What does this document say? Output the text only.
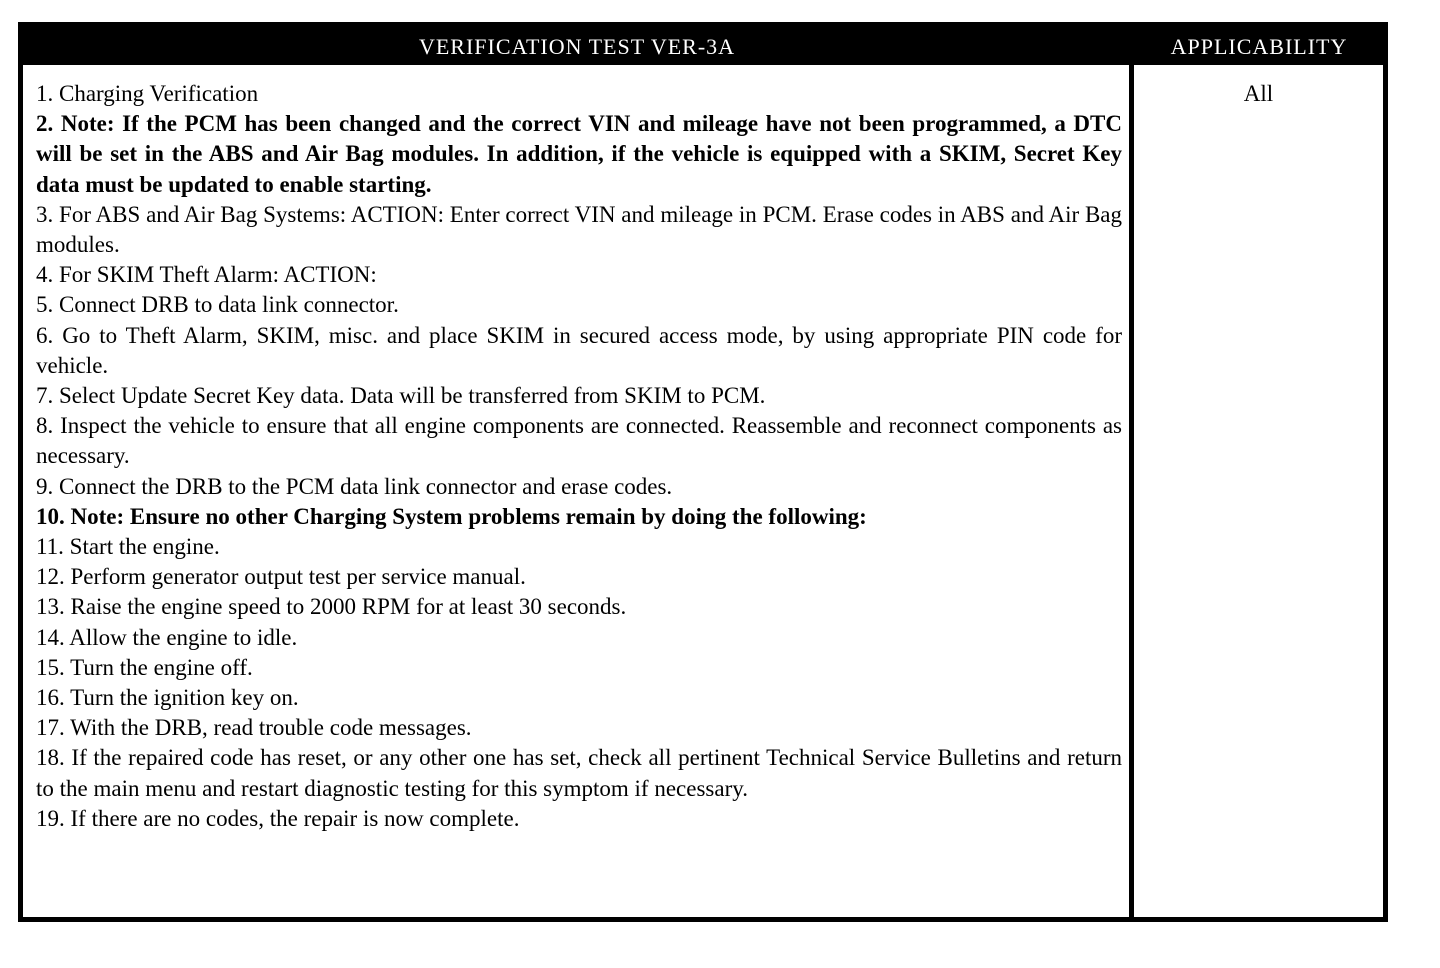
VERIFICATION TEST VER-3A	APPLICABILITY

1. Charging Verification

2. Note: If the PCM has been changed and the correct VIN and mileage have not been programmed, a DTC will be set in the ABS and Air Bag modules. In addition, if the vehicle is equipped with a SKIM, Secret Key data must be updated to enable starting.

3. For ABS and Air Bag Systems: ACTION: Enter correct VIN and mileage in PCM. Erase codes in ABS and Air Bag modules.

4. For SKIM Theft Alarm: ACTION:

5. Connect DRB to data link connector.

6. Go to Theft Alarm, SKIM, misc. and place SKIM in secured access mode, by using appropriate PIN code for vehicle.

7. Select Update Secret Key data. Data will be transferred from SKIM to PCM.

8. Inspect the vehicle to ensure that all engine components are connected. Reassemble and reconnect components as necessary.

9. Connect the DRB to the PCM data link connector and erase codes.

10. Note: Ensure no other Charging System problems remain by doing the following:

11. Start the engine.

12. Perform generator output test per service manual.

13. Raise the engine speed to 2000 RPM for at least 30 seconds.

14. Allow the engine to idle.

15. Turn the engine off.

16. Turn the ignition key on.

17. With the DRB, read trouble code messages.

18. If the repaired code has reset, or any other one has set, check all pertinent Technical Service Bulletins and return to the main menu and restart diagnostic testing for this symptom if necessary.

19. If there are no codes, the repair is now complete.

All
